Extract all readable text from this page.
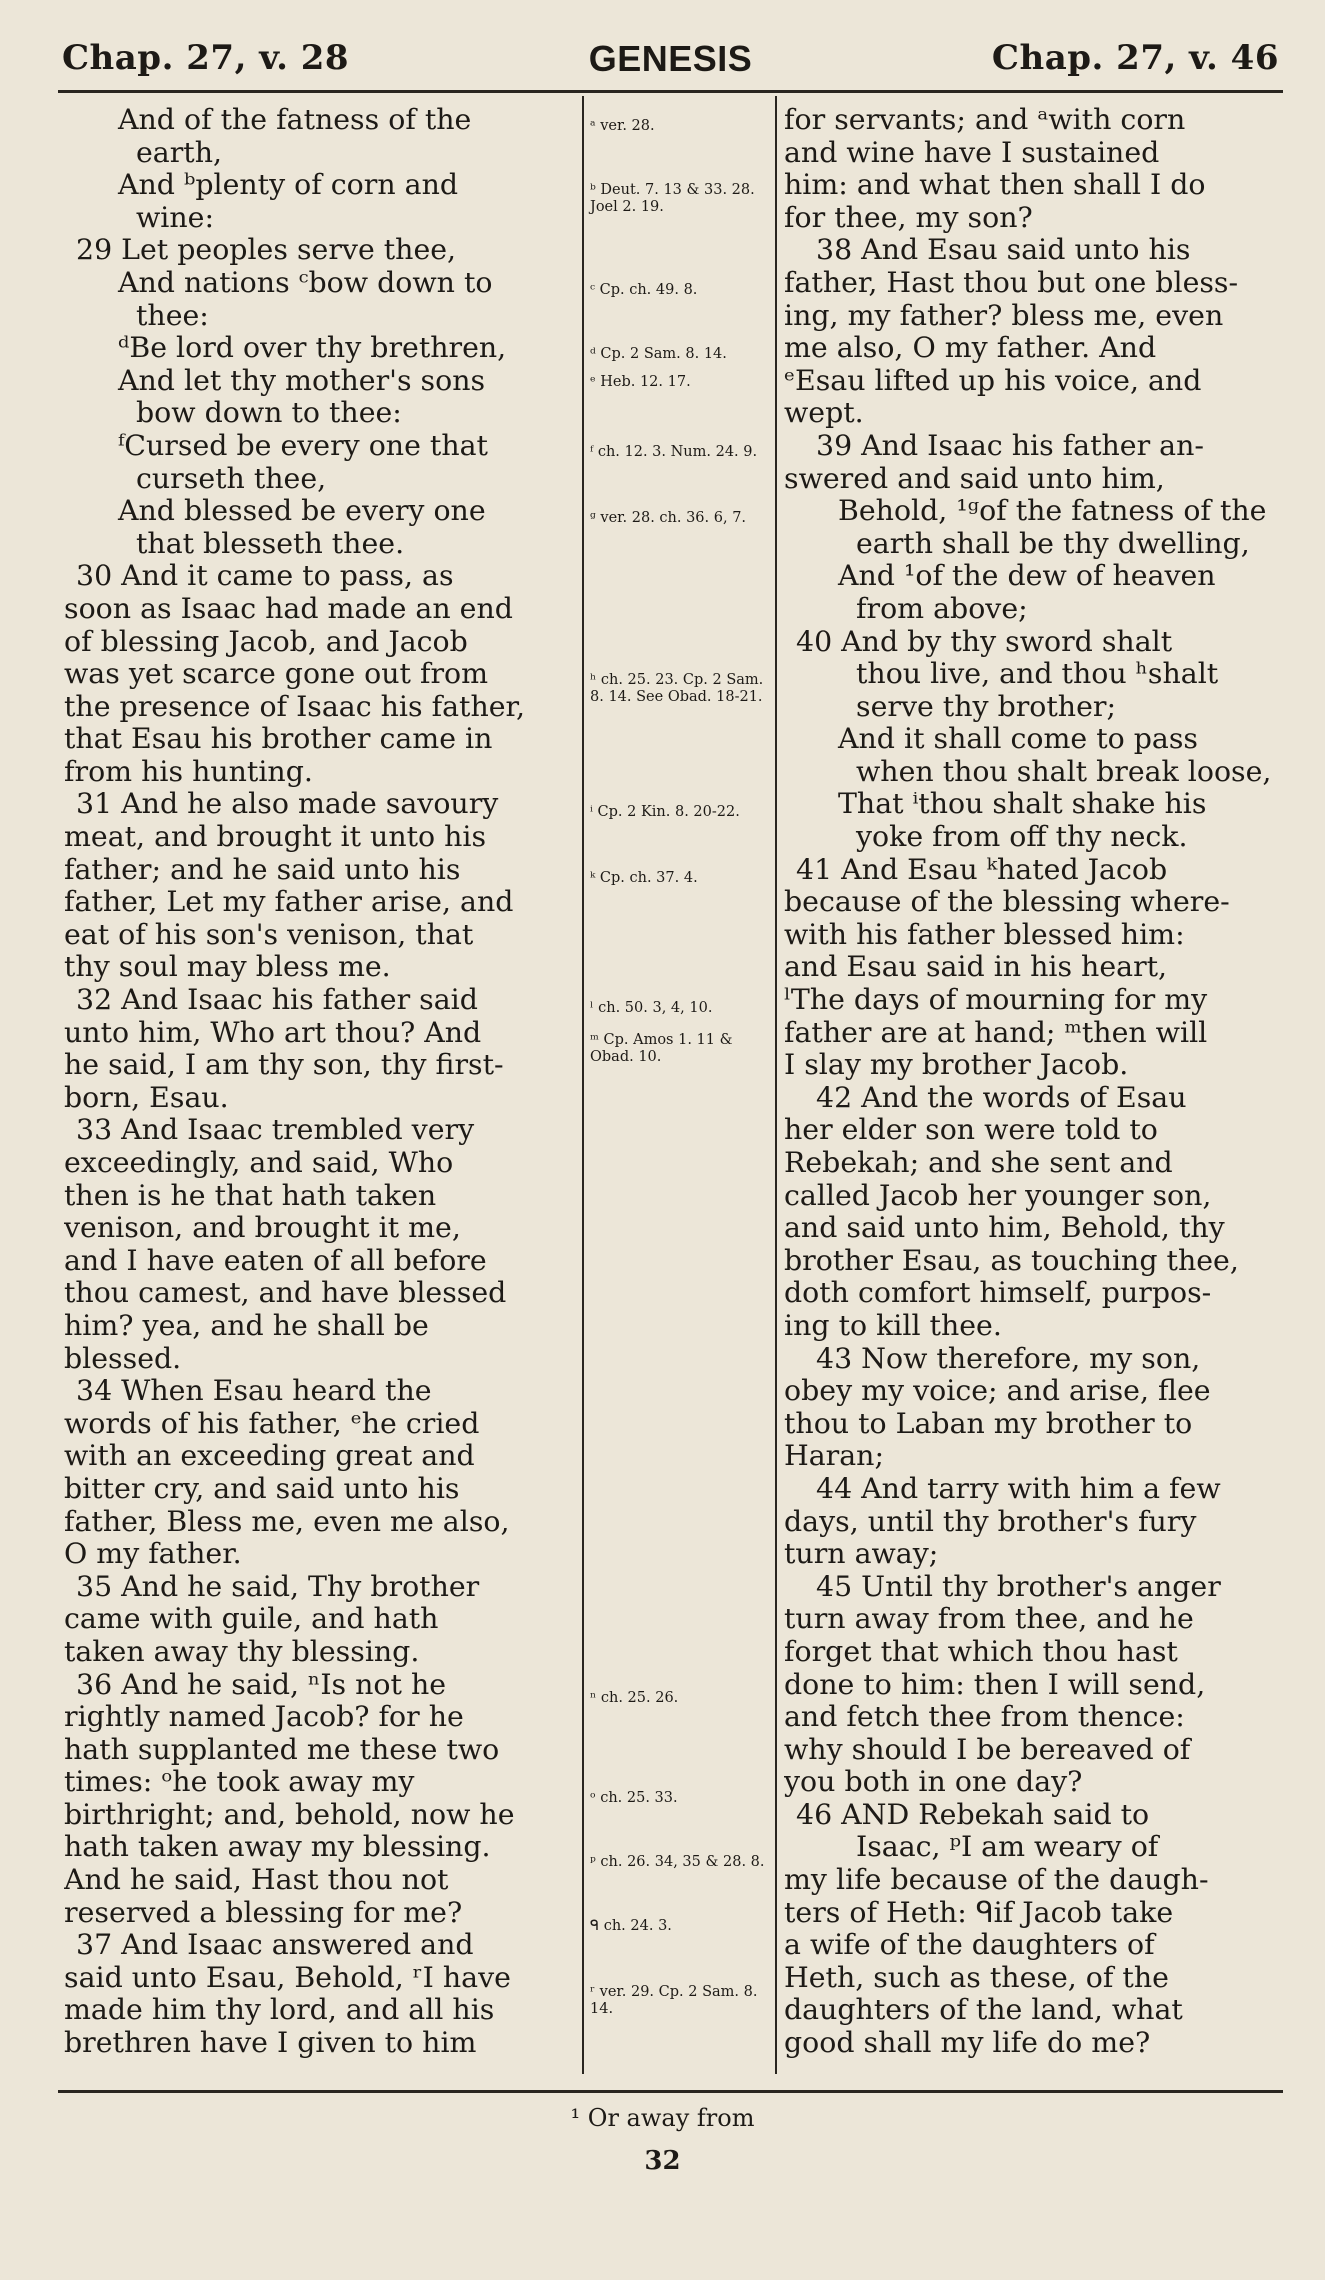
Chap. 27, v. 28	GENESIS	Chap. 27, v. 46
And of the fatness of the
earth,
And ᵇplenty of corn and
wine:
29 Let peoples serve thee,
And nations ᶜbow down to
thee:
ᵈBe lord over thy brethren,
And let thy mother's sons
bow down to thee:
ᶠCursed be every one that
curseth thee,
And blessed be every one
that blesseth thee.
30 And it came to pass, as
soon as Isaac had made an end
of blessing Jacob, and Jacob
was yet scarce gone out from
the presence of Isaac his father,
that Esau his brother came in
from his hunting.
31 And he also made savoury
meat, and brought it unto his
father; and he said unto his
father, Let my father arise, and
eat of his son's venison, that
thy soul may bless me.
32 And Isaac his father said
unto him, Who art thou? And
he said, I am thy son, thy first-
born, Esau.
33 And Isaac trembled very
exceedingly, and said, Who
then is he that hath taken
venison, and brought it me,
and I have eaten of all before
thou camest, and have blessed
him? yea, and he shall be
blessed.
34 When Esau heard the
words of his father, ᵉhe cried
with an exceeding great and
bitter cry, and said unto his
father, Bless me, even me also,
O my father.
35 And he said, Thy brother
came with guile, and hath
taken away thy blessing.
36 And he said, ⁿIs not he
rightly named Jacob? for he
hath supplanted me these two
times: ᵒhe took away my
birthright; and, behold, now he
hath taken away my blessing.
And he said, Hast thou not
reserved a blessing for me?
37 And Isaac answered and
said unto Esau, Behold, ʳI have
made him thy lord, and all his
brethren have I given to him
ᵃ ver. 28.
ᵇ Deut. 7. 13 & 33. 28. Joel 2. 19.
ᶜ Cp. ch. 49. 8.
ᵈ Cp. 2 Sam. 8. 14.
ᵉ Heb. 12. 17.
ᶠ ch. 12. 3. Num. 24. 9.
ᵍ ver. 28. ch. 36. 6, 7.
ʰ ch. 25. 23. Cp. 2 Sam. 8. 14. See Obad. 18-21.
ⁱ Cp. 2 Kin. 8. 20-22.
ᵏ Cp. ch. 37. 4.
ˡ ch. 50. 3, 4, 10.
ᵐ Cp. Amos 1. 11 & Obad. 10.
ⁿ ch. 25. 26.
ᵒ ch. 25. 33.
ᵖ ch. 26. 34, 35 & 28. 8.
ᑫ ch. 24. 3.
ʳ ver. 29. Cp. 2 Sam. 8. 14.
for servants; and ᵃwith corn
and wine have I sustained
him: and what then shall I do
for thee, my son?
38 And Esau said unto his
father, Hast thou but one bless-
ing, my father? bless me, even
me also, O my father. And
ᵉEsau lifted up his voice, and
wept.
39 And Isaac his father an-
swered and said unto him,
Behold, ¹ᵍof the fatness of the
earth shall be thy dwelling,
And ¹of the dew of heaven
from above;
40 And by thy sword shalt
thou live, and thou ʰshalt
serve thy brother;
And it shall come to pass
when thou shalt break loose,
That ⁱthou shalt shake his
yoke from off thy neck.
41 And Esau ᵏhated Jacob
because of the blessing where-
with his father blessed him:
and Esau said in his heart,
ˡThe days of mourning for my
father are at hand; ᵐthen will
I slay my brother Jacob.
42 And the words of Esau
her elder son were told to
Rebekah; and she sent and
called Jacob her younger son,
and said unto him, Behold, thy
brother Esau, as touching thee,
doth comfort himself, purpos-
ing to kill thee.
43 Now therefore, my son,
obey my voice; and arise, flee
thou to Laban my brother to
Haran;
44 And tarry with him a few
days, until thy brother's fury
turn away;
45 Until thy brother's anger
turn away from thee, and he
forget that which thou hast
done to him: then I will send,
and fetch thee from thence:
why should I be bereaved of
you both in one day?
46 AND Rebekah said to
Isaac, ᵖI am weary of
my life because of the daugh-
ters of Heth: ᑫif Jacob take
a wife of the daughters of
Heth, such as these, of the
daughters of the land, what
good shall my life do me?
¹ Or away from
32
